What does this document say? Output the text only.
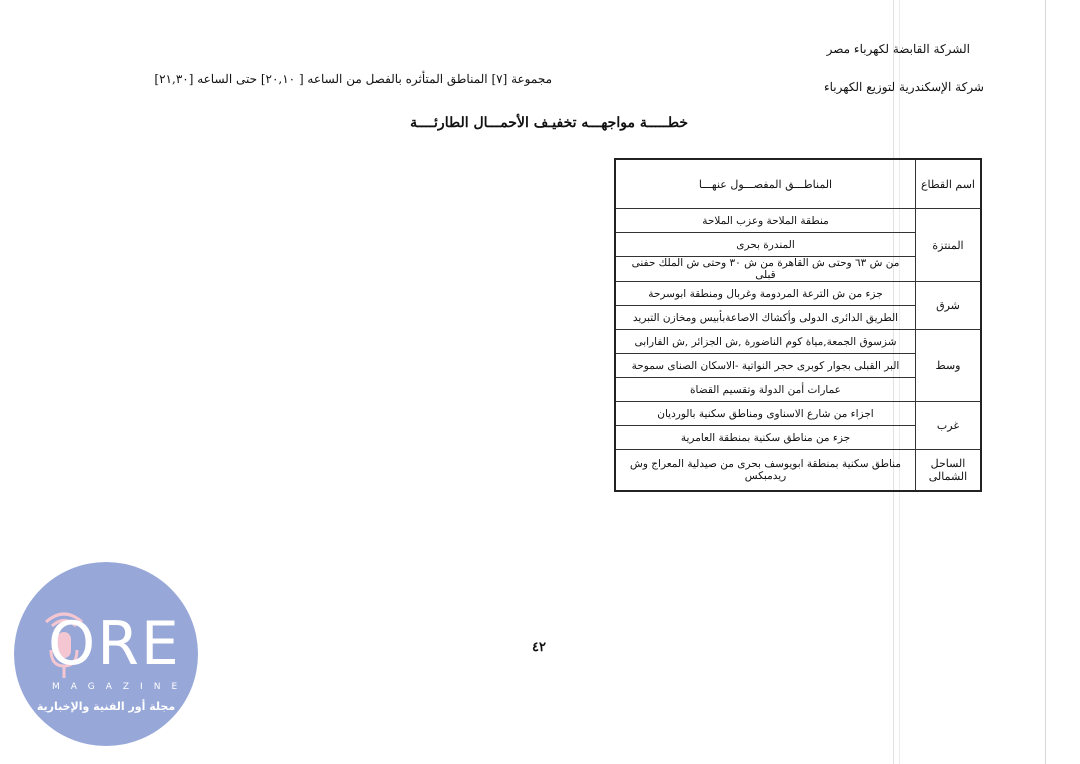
الشركة القابضة لكهرباء مصر
شركة الإسكندرية لتوزيع الكهرباء
مجموعة [٧] المناطق المتأثره بالفصل من الساعه [ ٢٠,١٠] حتى الساعه [٢١,٣٠]
خطـــــة مواجهـــه تخفيـف الأحمـــال الطارئــــة
اسم القطاع	المناطـــق المفصـــول عنهـــا
المنتزة	منطقة الملاحة وعزب الملاحة
	المندرة بحرى
	من ش ٦٣ وحتى ش القاهرة من ش ٣٠ وحتى ش الملك حفنى قبلى
شرق	جزء من ش الترعة المردومة وغربال ومنطقة ابوسرحة
	الطريق الدائرى الدولى وأكشاك الاصاعةبأبيس ومخازن التبريد
وسط	شزسوق الجمعة,مياة كوم الناضورة ,ش الجزائر ,ش الفارابى
	البر القبلى بجوار كوبرى حجر النواتية -الاسكان الصناى سموحة
	عمارات أمن الدولة وتقسيم القضاة
غرب	اجزاء من شارع الاسناوى ومناطق سكنية بالورديان
	جزء من مناطق سكنية بمنطقة العامرية
الساحل الشمالى	مناطق سكنية بمنطقة ابويوسف بحرى من صيدلية المعراج وش ريدمبكس
٤٢
ORE
MAGAZINE
مجلة أور الفنية والإخبارية
